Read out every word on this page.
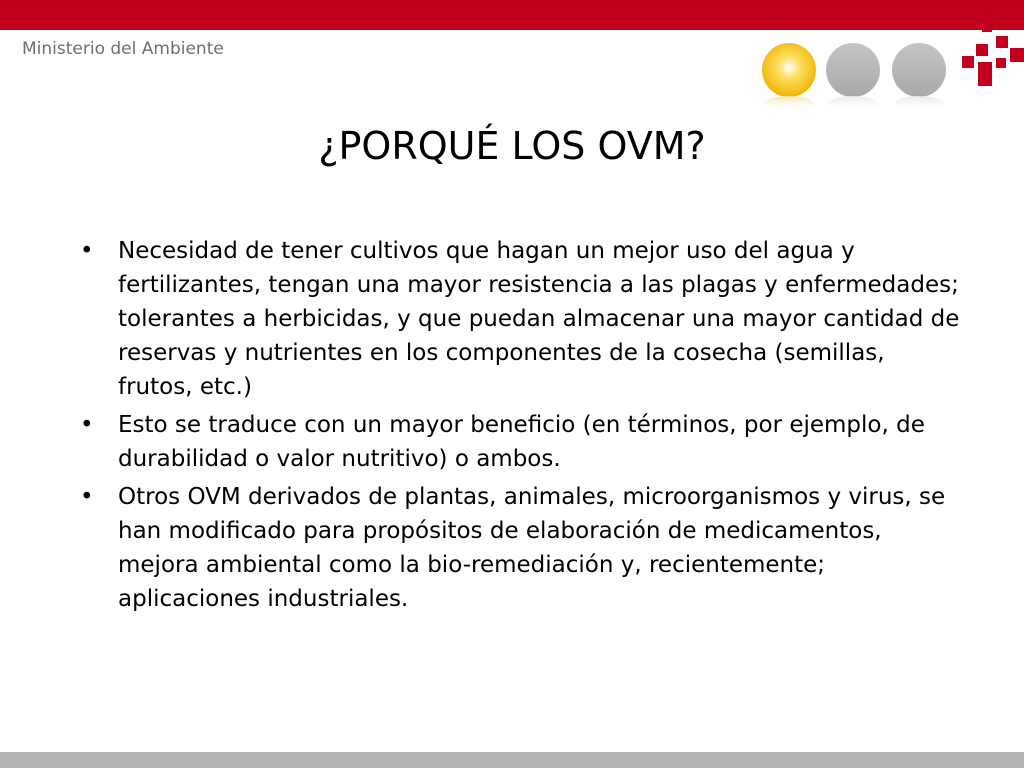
Ministerio del Ambiente
¿PORQUÉ LOS OVM?
• Necesidad de tener cultivos que hagan un mejor uso del agua y fertilizantes, tengan una mayor resistencia a las plagas y enfermedades; tolerantes a herbicidas, y que puedan almacenar una mayor cantidad de reservas y nutrientes en los componentes de la cosecha (semillas, frutos, etc.)
• Esto se traduce con un mayor beneficio (en términos, por ejemplo, de durabilidad o valor nutritivo) o ambos.
• Otros OVM derivados de plantas, animales, microorganismos y virus, se han modificado para propósitos de elaboración de medicamentos, mejora ambiental como la bio-remediación y, recientemente; aplicaciones industriales.
